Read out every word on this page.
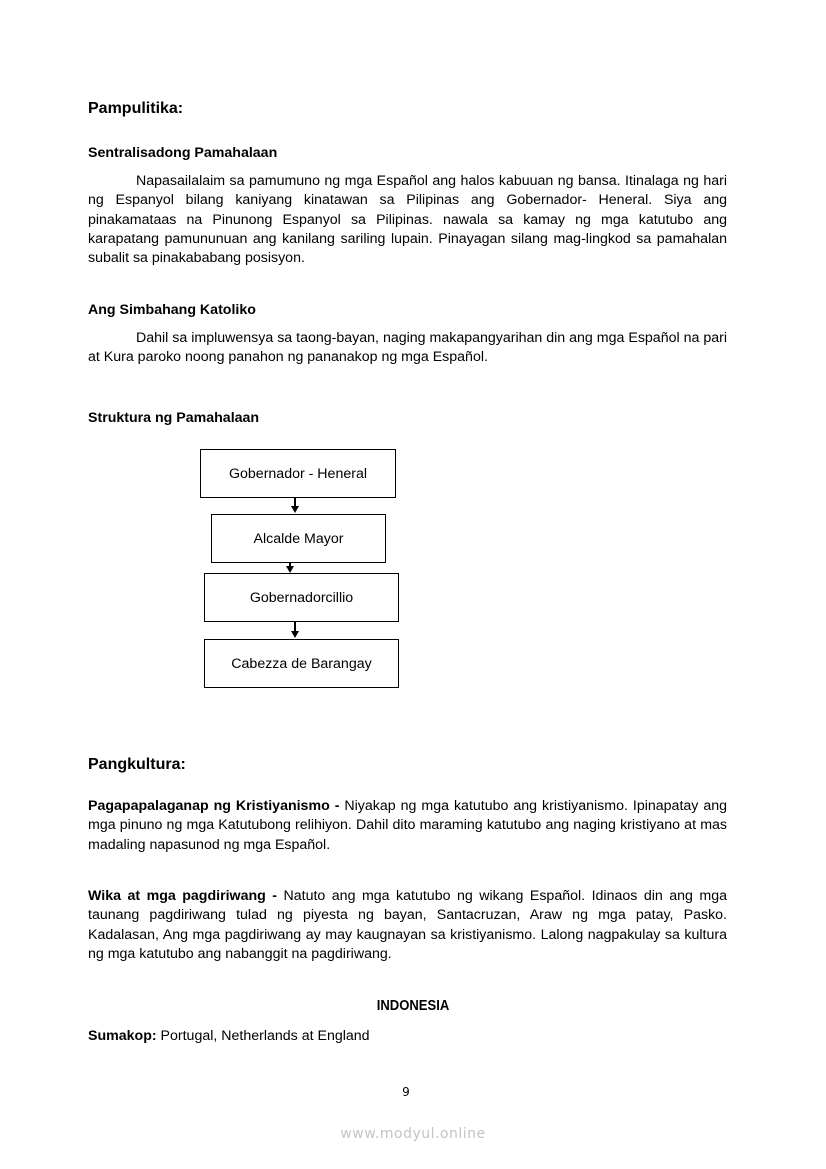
Pampulitika:
Sentralisadong Pamahalaan
Napasailalaim sa pamumuno ng mga Español ang halos kabuuan ng bansa. Itinalaga ng hari ng Espanyol bilang kaniyang kinatawan sa Pilipinas ang Gobernador- Heneral. Siya ang pinakamataas na Pinunong Espanyol sa Pilipinas. nawala sa kamay ng mga katutubo ang karapatang pamununuan ang kanilang sariling lupain. Pinayagan silang mag-lingkod sa pamahalan subalit sa pinakababang posisyon.
Ang Simbahang Katoliko
Dahil sa impluwensya sa taong-bayan, naging makapangyarihan din ang mga Español na pari at Kura paroko noong panahon ng pananakop ng mga Español.
Struktura ng Pamahalaan
Gobernador - Heneral
Alcalde Mayor
Gobernadorcillio
Cabezza de Barangay
Pangkultura:
Pagapapalaganap ng Kristiyanismo - Niyakap ng mga katutubo ang kristiyanismo. Ipinapatay ang mga pinuno ng mga Katutubong relihiyon. Dahil dito maraming katutubo ang naging kristiyano at mas madaling napasunod ng mga Español.
Wika at mga pagdiriwang - Natuto ang mga katutubo ng wikang Español. Idinaos din ang mga taunang pagdiriwang tulad ng piyesta ng bayan, Santacruzan, Araw ng mga patay, Pasko. Kadalasan, Ang mga pagdiriwang ay may kaugnayan sa kristiyanismo. Lalong nagpakulay sa kultura ng mga katutubo ang nabanggit na pagdiriwang.
INDONESIA
Sumakop: Portugal, Netherlands at England
9
www.modyul.online
